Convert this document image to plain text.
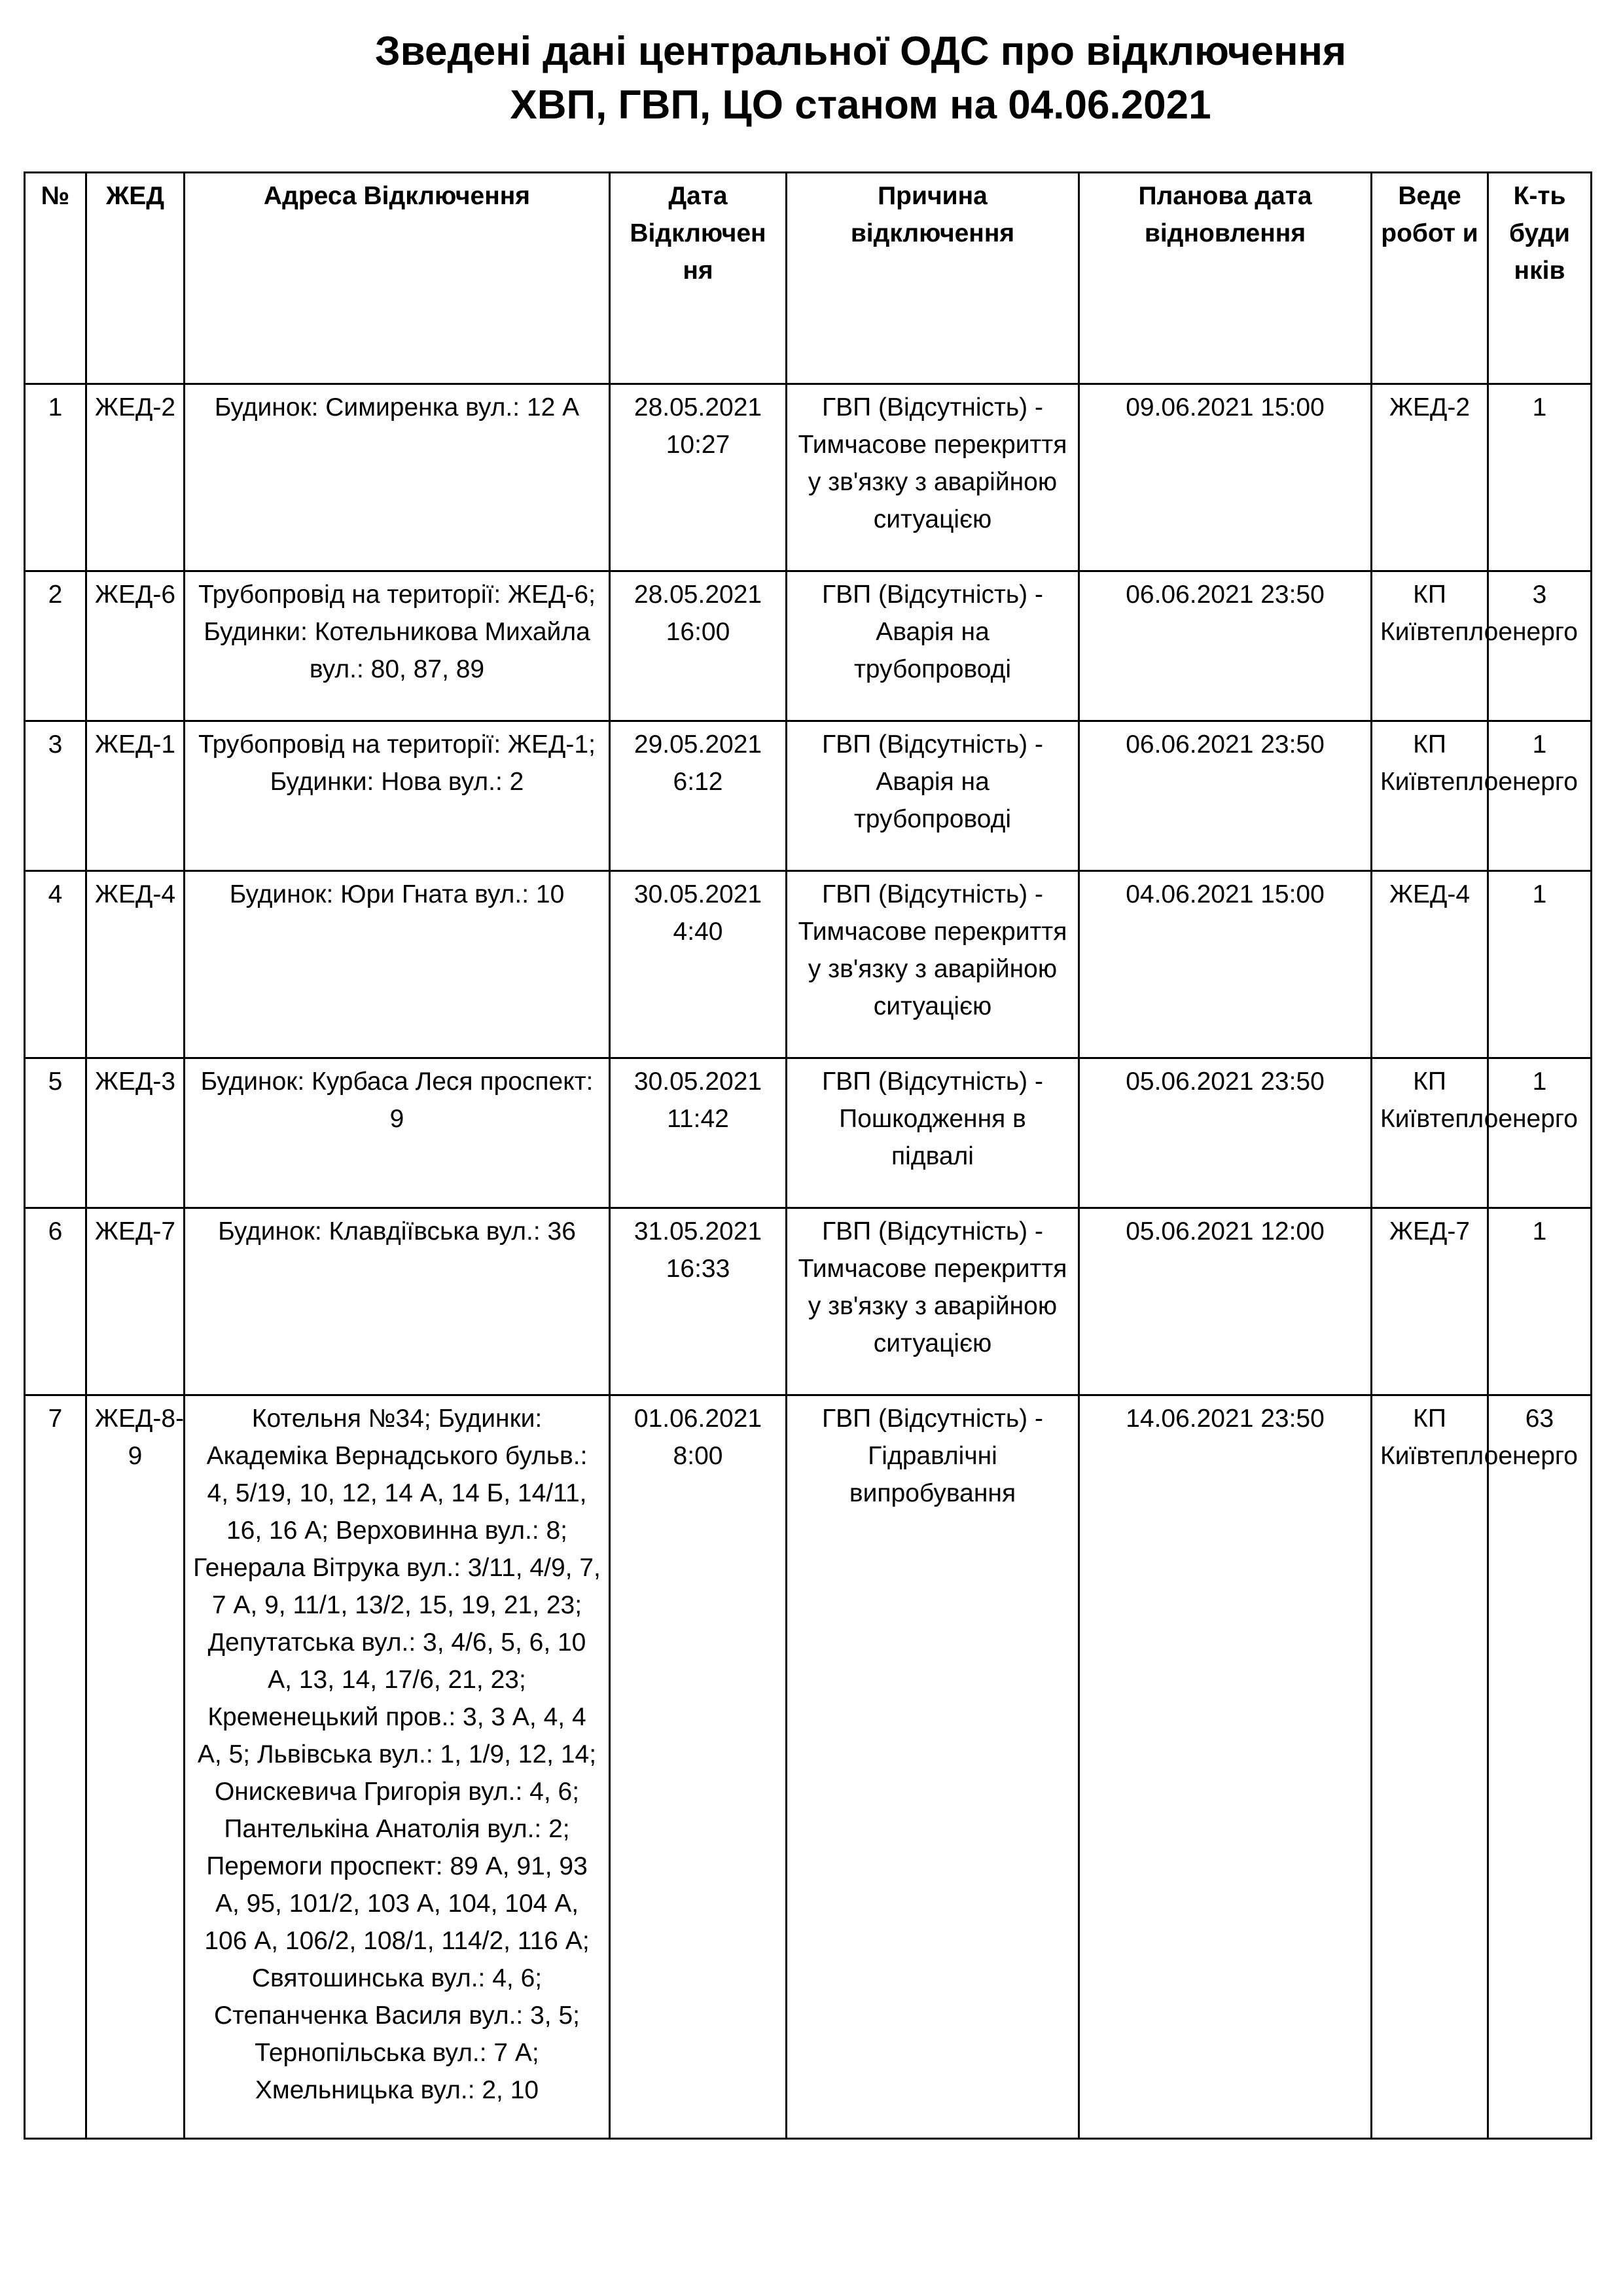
Зведені дані центральної ОДС про відключення
ХВП, ГВП, ЦО станом на 04.06.2021
№	ЖЕД	Адреса Відключення	Дата Відключен ня	Причина відключення	Планова дата відновлення	Веде робот и	К-ть буди нків
1	ЖЕД-2	Будинок: Симиренка вул.: 12 А	28.05.2021 10:27	ГВП (Відсутність) - Тимчасове перекриття у зв'язку з аварійною ситуацією	09.06.2021 15:00	ЖЕД-2	1
2	ЖЕД-6	Трубопровід на території: ЖЕД-6; Будинки: Котельникова Михайла вул.: 80, 87, 89	28.05.2021 16:00	ГВП (Відсутність) - Аварія на трубопроводі	06.06.2021 23:50	КП Київтеплоенерго	3
3	ЖЕД-1	Трубопровід на території: ЖЕД-1; Будинки: Нова вул.: 2	29.05.2021 6:12	ГВП (Відсутність) - Аварія на трубопроводі	06.06.2021 23:50	КП Київтеплоенерго	1
4	ЖЕД-4	Будинок: Юри Гната вул.: 10	30.05.2021 4:40	ГВП (Відсутність) - Тимчасове перекриття у зв'язку з аварійною ситуацією	04.06.2021 15:00	ЖЕД-4	1
5	ЖЕД-3	Будинок: Курбаса Леся проспект: 9	30.05.2021 11:42	ГВП (Відсутність) - Пошкодження в підвалі	05.06.2021 23:50	КП Київтеплоенерго	1
6	ЖЕД-7	Будинок: Клавдіївська вул.: 36	31.05.2021 16:33	ГВП (Відсутність) - Тимчасове перекриття у зв'язку з аварійною ситуацією	05.06.2021 12:00	ЖЕД-7	1
7	ЖЕД-8-9	Котельня №34; Будинки: Академіка Вернадського бульв.: 4, 5/19, 10, 12, 14 А, 14 Б, 14/11, 16, 16 А; Верховинна вул.: 8; Генерала Вітрука вул.: 3/11, 4/9, 7, 7 А, 9, 11/1, 13/2, 15, 19, 21, 23; Депутатська вул.: 3, 4/6, 5, 6, 10 А, 13, 14, 17/6, 21, 23; Кременецький пров.: 3, 3 А, 4, 4 А, 5; Львівська вул.: 1, 1/9, 12, 14; Онискевича Григорія вул.: 4, 6; Пантелькіна Анатолія вул.: 2; Перемоги проспект: 89 А, 91, 93 А, 95, 101/2, 103 А, 104, 104 А, 106 А, 106/2, 108/1, 114/2, 116 А; Святошинська вул.: 4, 6; Степанченка Василя вул.: 3, 5; Тернопільська вул.: 7 А; Хмельницька вул.: 2, 10	01.06.2021 8:00	ГВП (Відсутність) - Гідравлічні випробування	14.06.2021 23:50	КП Київтеплоенерго	63
